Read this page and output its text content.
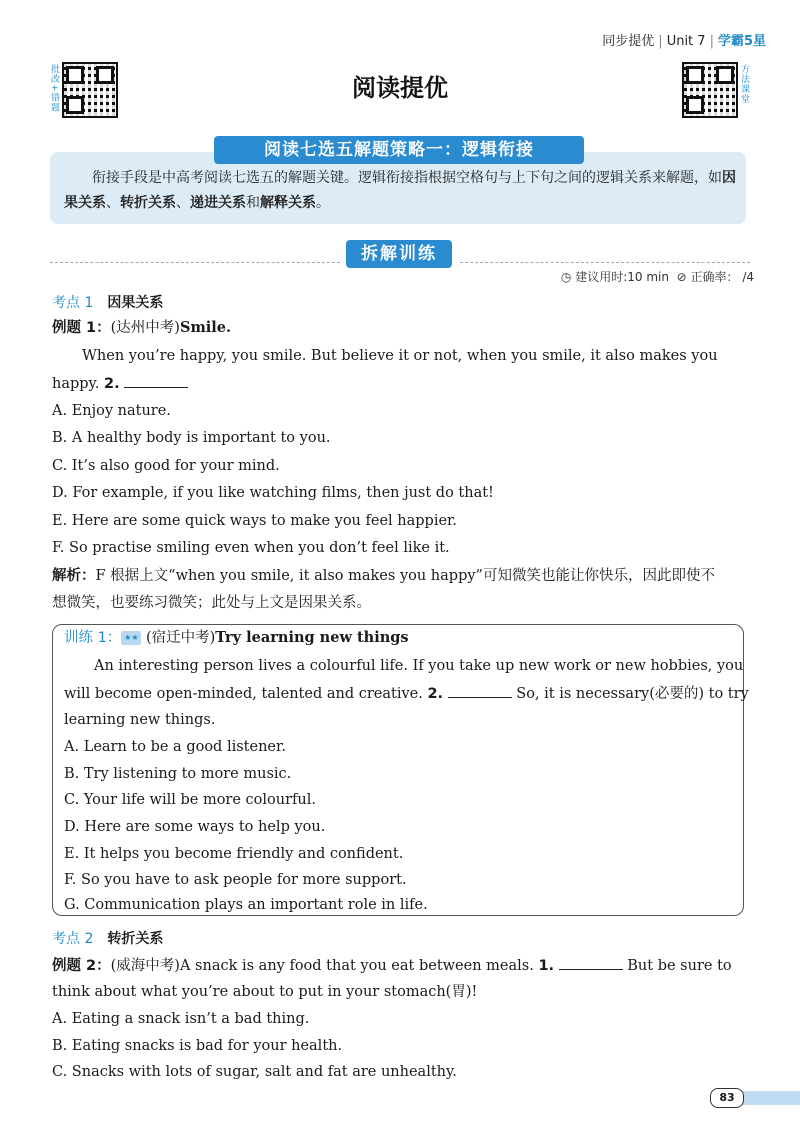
同步提优 | Unit 7 | 学霸5星
批改+错题	方法课堂
阅读提优
阅读七选五解题策略一：逻辑衔接
衔接手段是中高考阅读七选五的解题关键。逻辑衔接指根据空格句与上下句之间的逻辑关系来解题，如因果关系、转折关系、递进关系和解释关系。
拆解训练
◷ 建议用时:10 min ⊘ 正确率： /4
考点 1 因果关系
例题 1：(达州中考)Smile.
When you’re happy, you smile. But believe it or not, when you smile, it also makes you
happy. 2.
A. Enjoy nature.
B. A healthy body is important to you.
C. It’s also good for your mind.
D. For example, if you like watching films, then just do that!
E. Here are some quick ways to make you feel happier.
F. So practise smiling even when you don’t feel like it.
解析：F 根据上文“when you smile, it also makes you happy”可知微笑也能让你快乐，因此即使不
想微笑，也要练习微笑；此处与上文是因果关系。
训练 1： ★★ (宿迁中考)Try learning new things
An interesting person lives a colourful life. If you take up new work or new hobbies, you
will become open-minded, talented and creative. 2.	So, it is necessary(必要的) to try
learning new things.
A. Learn to be a good listener.
B. Try listening to more music.
C. Your life will be more colourful.
D. Here are some ways to help you.
E. It helps you become friendly and confident.
F. So you have to ask people for more support.
G. Communication plays an important role in life.
考点 2 转折关系
例题 2：(威海中考)A snack is any food that you eat between meals. 1.	But be sure to
think about what you’re about to put in your stomach(胃)!
A. Eating a snack isn’t a bad thing.
B. Eating snacks is bad for your health.
C. Snacks with lots of sugar, salt and fat are unhealthy.
83
